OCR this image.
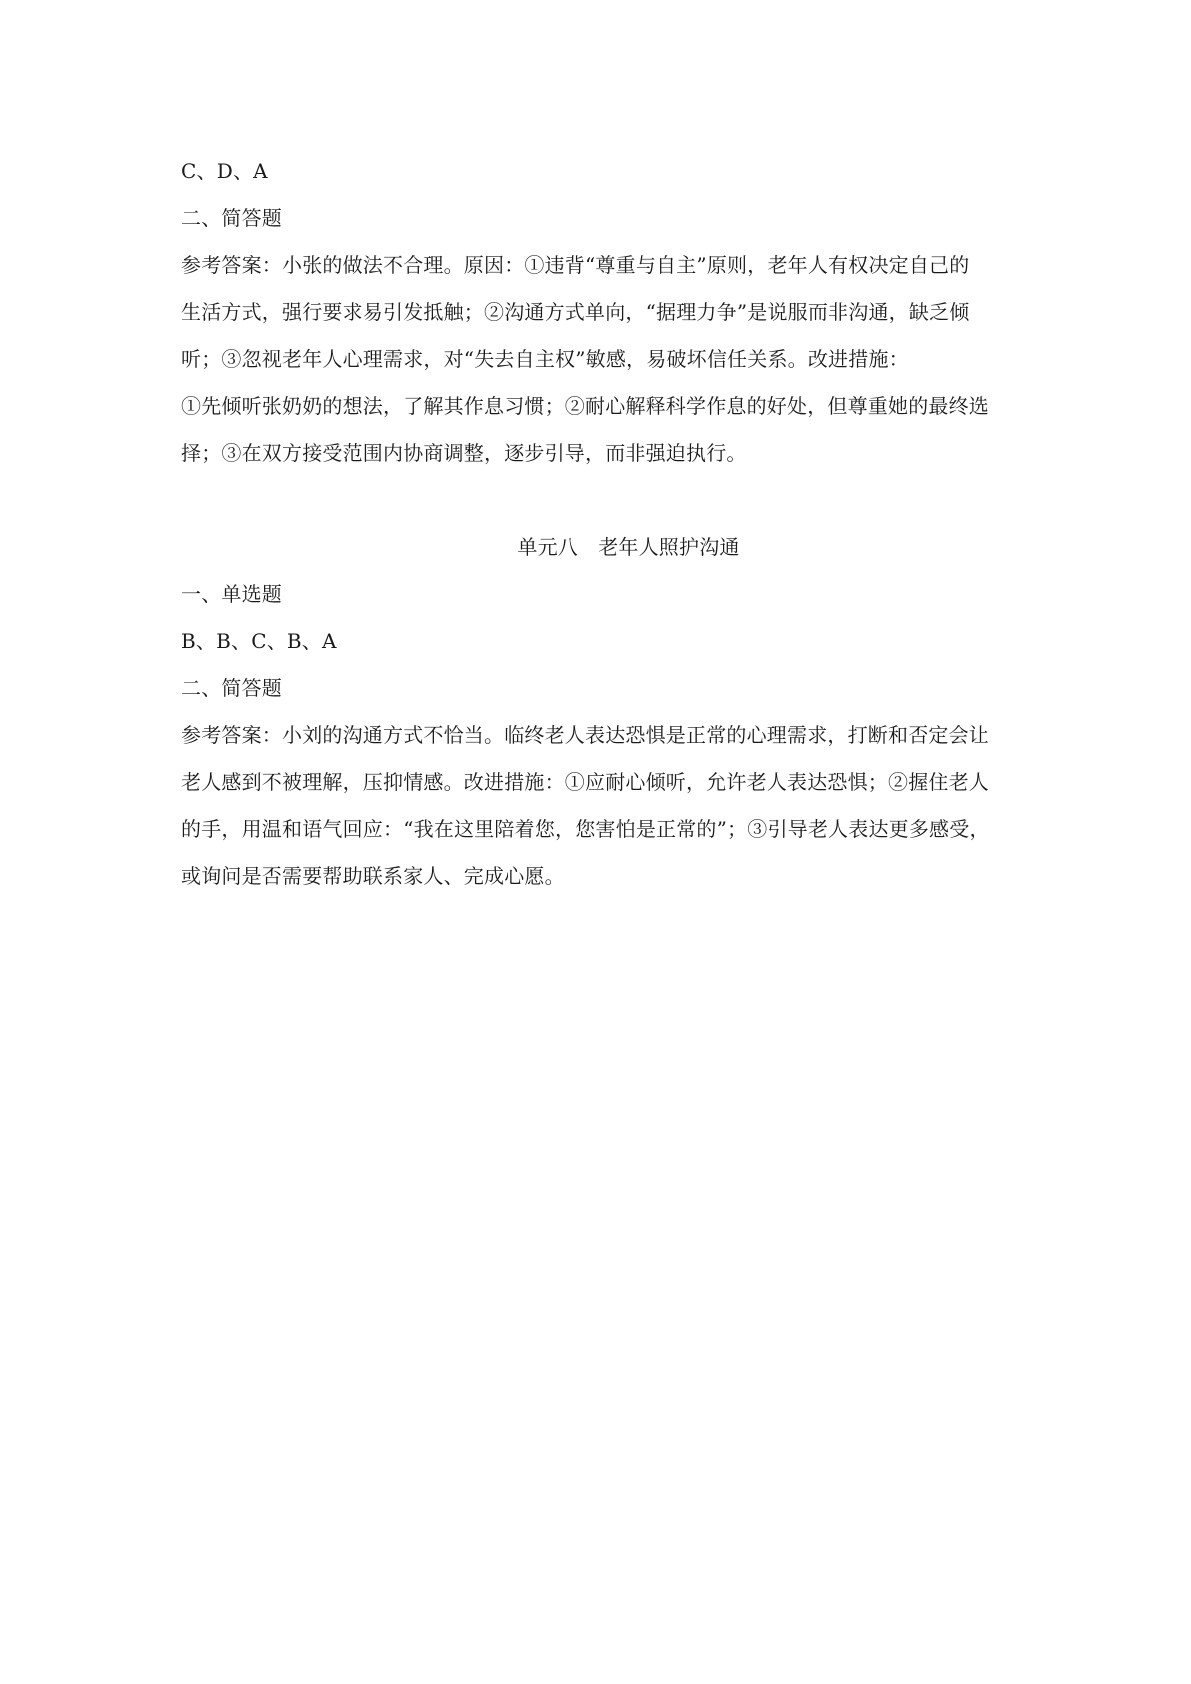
C、D、A
二、简答题
参考答案：小张的做法不合理。原因：①违背“尊重与自主”原则，老年人有权决定自己的
生活方式，强行要求易引发抵触；②沟通方式单向，“据理力争”是说服而非沟通，缺乏倾
听；③忽视老年人心理需求，对“失去自主权”敏感，易破坏信任关系。改进措施：
①先倾听张奶奶的想法，了解其作息习惯；②耐心解释科学作息的好处，但尊重她的最终选
择；③在双方接受范围内协商调整，逐步引导，而非强迫执行。
单元八　老年人照护沟通
一、单选题
B、B、C、B、A
二、简答题
参考答案：小刘的沟通方式不恰当。临终老人表达恐惧是正常的心理需求，打断和否定会让
老人感到不被理解，压抑情感。改进措施：①应耐心倾听，允许老人表达恐惧；②握住老人
的手，用温和语气回应：“我在这里陪着您，您害怕是正常的”；③引导老人表达更多感受，
或询问是否需要帮助联系家人、完成心愿。
